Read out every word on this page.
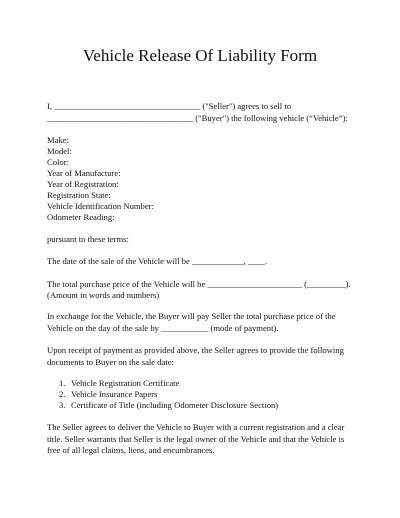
Vehicle Release Of Liability Form
I, __________________________________ ("Seller") agrees to sell to
__________________________________ ("Buyer") the following vehicle (“Vehicle”):
Make:
Model:
Color:
Year of Manufacture:
Year of Registration:
Registration State:
Vehicle Identification Number:
Odometer Reading:
pursuant to these terms:
The date of the sale of the Vehicle will be ____________, ____.
The total purchase price of the Vehicle will be ______________________ (_________).
(Amount in words and numbers)
In exchange for the Vehicle, the Buyer will pay Seller the total purchase price of the Vehicle on the day of the sale by ___________ (mode of payment).
Upon receipt of payment as provided above, the Seller agrees to provide the following documents to Buyer on the sale date:
1. Vehicle Registration Certificate
2. Vehicle Insurance Papers
3. Certificate of Title (including Odometer Disclosure Section)
The Seller agrees to deliver the Vehicle to Buyer with a current registration and a clear title. Seller warrants that Seller is the legal owner of the Vehicle and that the Vehicle is free of all legal claims, liens, and encumbrances.
